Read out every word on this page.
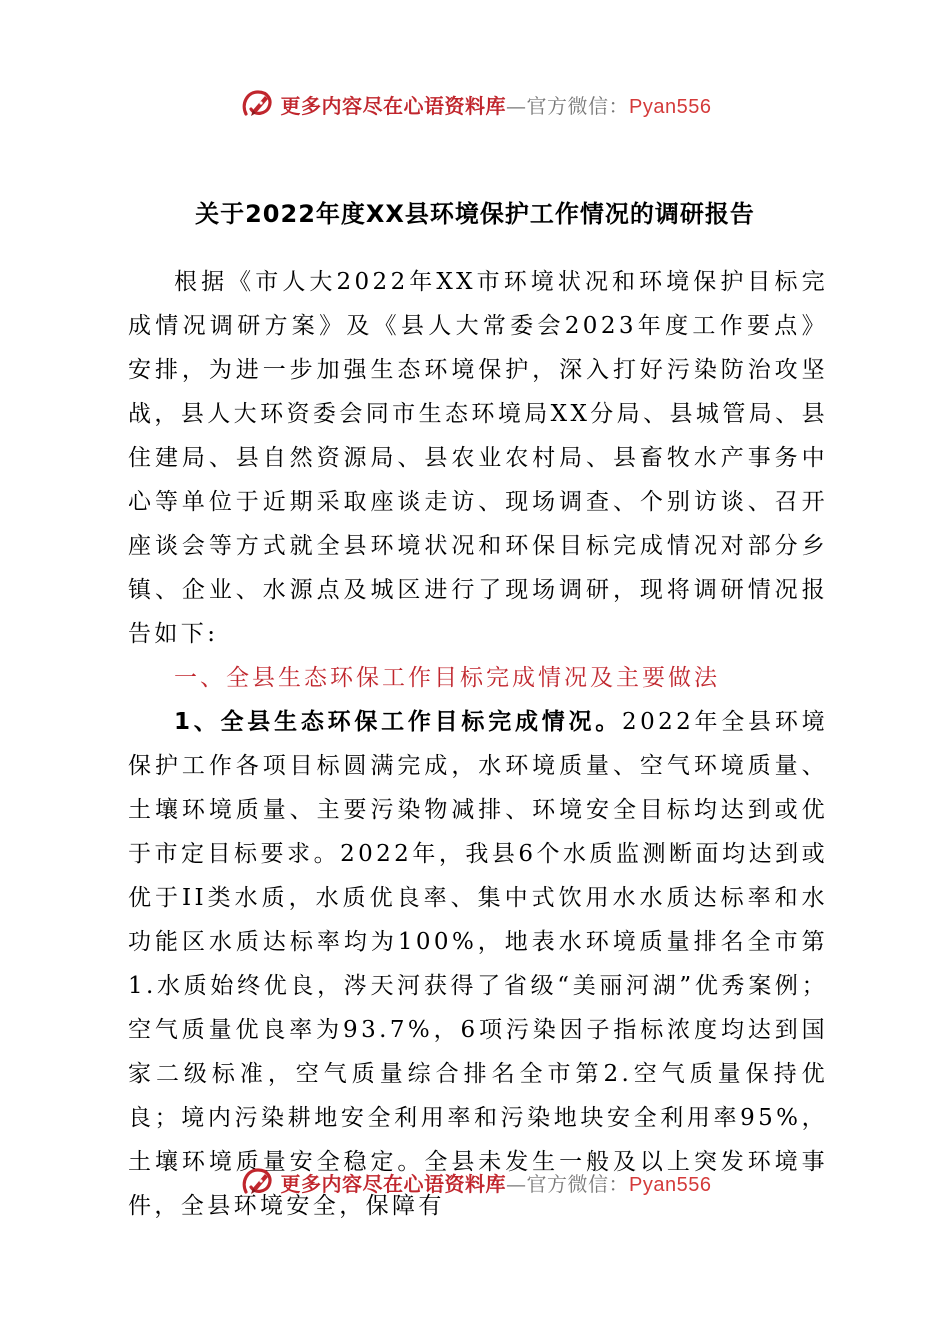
更多内容尽在心语资料库—官方微信：Pyan556
关于2022年度XX县环境保护工作情况的调研报告

根据《市人大2022年XX市环境状况和环境保护目标完成情况调研方案》及《县人大常委会2023年度工作要点》安排，为进一步加强生态环境保护，深入打好污染防治攻坚战，县人大环资委会同市生态环境局XX分局、县城管局、县住建局、县自然资源局、县农业农村局、县畜牧水产事务中心等单位于近期采取座谈走访、现场调查、个别访谈、召开座谈会等方式就全县环境状况和环保目标完成情况对部分乡镇、企业、水源点及城区进行了现场调研，现将调研情况报告如下:

一、全县生态环保工作目标完成情况及主要做法

1、全县生态环保工作目标完成情况。2022年全县环境保护工作各项目标圆满完成，水环境质量、空气环境质量、土壤环境质量、主要污染物减排、环境安全目标均达到或优于市定目标要求。2022年，我县6个水质监测断面均达到或优于II类水质，水质优良率、集中式饮用水水质达标率和水功能区水质达标率均为100%，地表水环境质量排名全市第1.水质始终优良，涔天河获得了省级“美丽河湖”优秀案例；空气质量优良率为93.7%，6项污染因子指标浓度均达到国家二级标准，空气质量综合排名全市第2.空气质量保持优良；境内污染耕地安全利用率和污染地块安全利用率95%，土壤环境质量安全稳定。全县未发生一般及以上突发环境事件，全县环境安全，保障有

更多内容尽在心语资料库—官方微信：Pyan556
